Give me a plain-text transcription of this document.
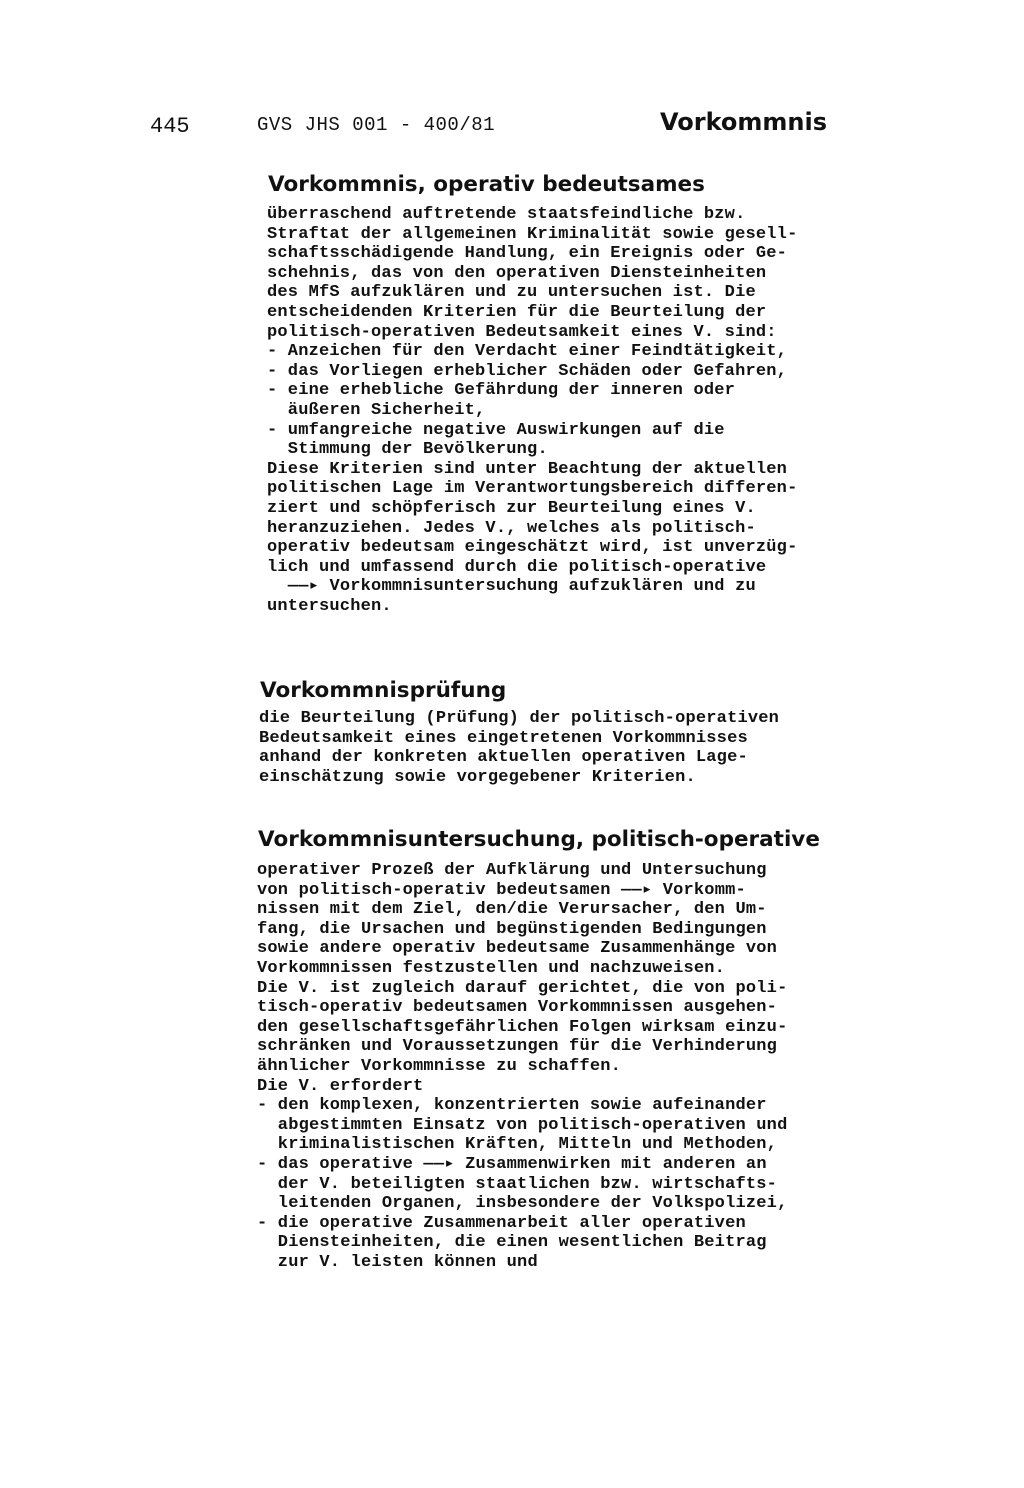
445	GVS JHS 001 - 400/81	Vorkommnis
Vorkommnis, operativ bedeutsames
überraschend auftretende staatsfeindliche bzw.
Straftat der allgemeinen Kriminalität sowie gesell-
schaftsschädigende Handlung, ein Ereignis oder Ge-
schehnis, das von den operativen Diensteinheiten
des MfS aufzuklären und zu untersuchen ist. Die
entscheidenden Kriterien für die Beurteilung der
politisch-operativen Bedeutsamkeit eines V. sind:
- Anzeichen für den Verdacht einer Feindtätigkeit,
- das Vorliegen erheblicher Schäden oder Gefahren,
- eine erhebliche Gefährdung der inneren oder
äußeren Sicherheit,
- umfangreiche negative Auswirkungen auf die
Stimmung der Bevölkerung.
Diese Kriterien sind unter Beachtung der aktuellen
politischen Lage im Verantwortungsbereich differen-
ziert und schöpferisch zur Beurteilung eines V.
heranzuziehen. Jedes V., welches als politisch-
operativ bedeutsam eingeschätzt wird, ist unverzüg-
lich und umfassend durch die politisch-operative
——▸ Vorkommnisuntersuchung aufzuklären und zu
untersuchen.
Vorkommnisprüfung
die Beurteilung (Prüfung) der politisch-operativen
Bedeutsamkeit eines eingetretenen Vorkommnisses
anhand der konkreten aktuellen operativen Lage-
einschätzung sowie vorgegebener Kriterien.
Vorkommnisuntersuchung, politisch-operative
operativer Prozeß der Aufklärung und Untersuchung
von politisch-operativ bedeutsamen ——▸ Vorkomm-
nissen mit dem Ziel, den/die Verursacher, den Um-
fang, die Ursachen und begünstigenden Bedingungen
sowie andere operativ bedeutsame Zusammenhänge von
Vorkommnissen festzustellen und nachzuweisen.
Die V. ist zugleich darauf gerichtet, die von poli-
tisch-operativ bedeutsamen Vorkommnissen ausgehen-
den gesellschaftsgefährlichen Folgen wirksam einzu-
schränken und Voraussetzungen für die Verhinderung
ähnlicher Vorkommnisse zu schaffen.
Die V. erfordert
- den komplexen, konzentrierten sowie aufeinander
abgestimmten Einsatz von politisch-operativen und
kriminalistischen Kräften, Mitteln und Methoden,
- das operative ——▸ Zusammenwirken mit anderen an
der V. beteiligten staatlichen bzw. wirtschafts-
leitenden Organen, insbesondere der Volkspolizei,
- die operative Zusammenarbeit aller operativen
Diensteinheiten, die einen wesentlichen Beitrag
zur V. leisten können und
